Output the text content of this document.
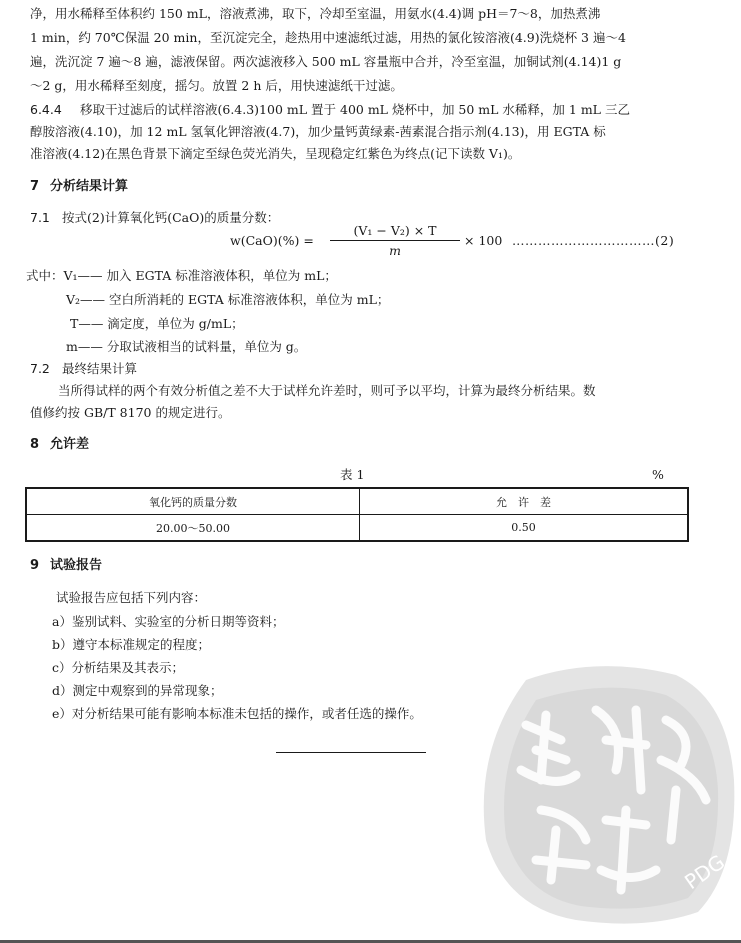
净，用水稀释至体积约 150 mL，溶液煮沸，取下，冷却至室温，用氨水(4.4)调 pH＝7～8，加热煮沸
1 min，约 70℃保温 20 min，至沉淀完全，趁热用中速滤纸过滤，用热的氯化铵溶液(4.9)洗烧杯 3 遍～4
遍，洗沉淀 7 遍～8 遍，滤液保留。两次滤液移入 500 mL 容量瓶中合并，冷至室温，加铜试剂(4.14)1 g
～2 g，用水稀释至刻度，摇匀。放置 2 h 后，用快速滤纸干过滤。
6.4.4 移取干过滤后的试样溶液(6.4.3)100 mL 置于 400 mL 烧杯中，加 50 mL 水稀释，加 1 mL 三乙
醇胺溶液(4.10)，加 12 mL 氢氧化钾溶液(4.7)，加少量钙黄绿素-茜素混合指示剂(4.13)，用 EGTA 标
准溶液(4.12)在黑色背景下滴定至绿色荧光消失，呈现稳定红紫色为终点(记下读数 V₁)。
7 分析结果计算
7.1 按式(2)计算氧化钙(CaO)的质量分数：
w(CaO)(%) =
(V₁ − V₂) × T
m
× 100 ……………………………(2)
式中：V₁—— 加入 EGTA 标准溶液体积，单位为 mL；
V₂—— 空白所消耗的 EGTA 标准溶液体积，单位为 mL；
T—— 滴定度，单位为 g/mL；
m—— 分取试液相当的试料量，单位为 g。
7.2 最终结果计算
当所得试样的两个有效分析值之差不大于试样允许差时，则可予以平均，计算为最终分析结果。数
值修约按 GB/T 8170 的规定进行。
8 允许差
表 1	%
氧化钙的质量分数	允　许　差
20.00～50.00	0.50
9 试验报告
试验报告应包括下列内容：
a）鉴别试料、实验室的分析日期等资料；
b）遵守本标准规定的程度；
c）分析结果及其表示；
d）测定中观察到的异常现象；
e）对分析结果可能有影响本标准未包括的操作，或者任选的操作。
PDG
